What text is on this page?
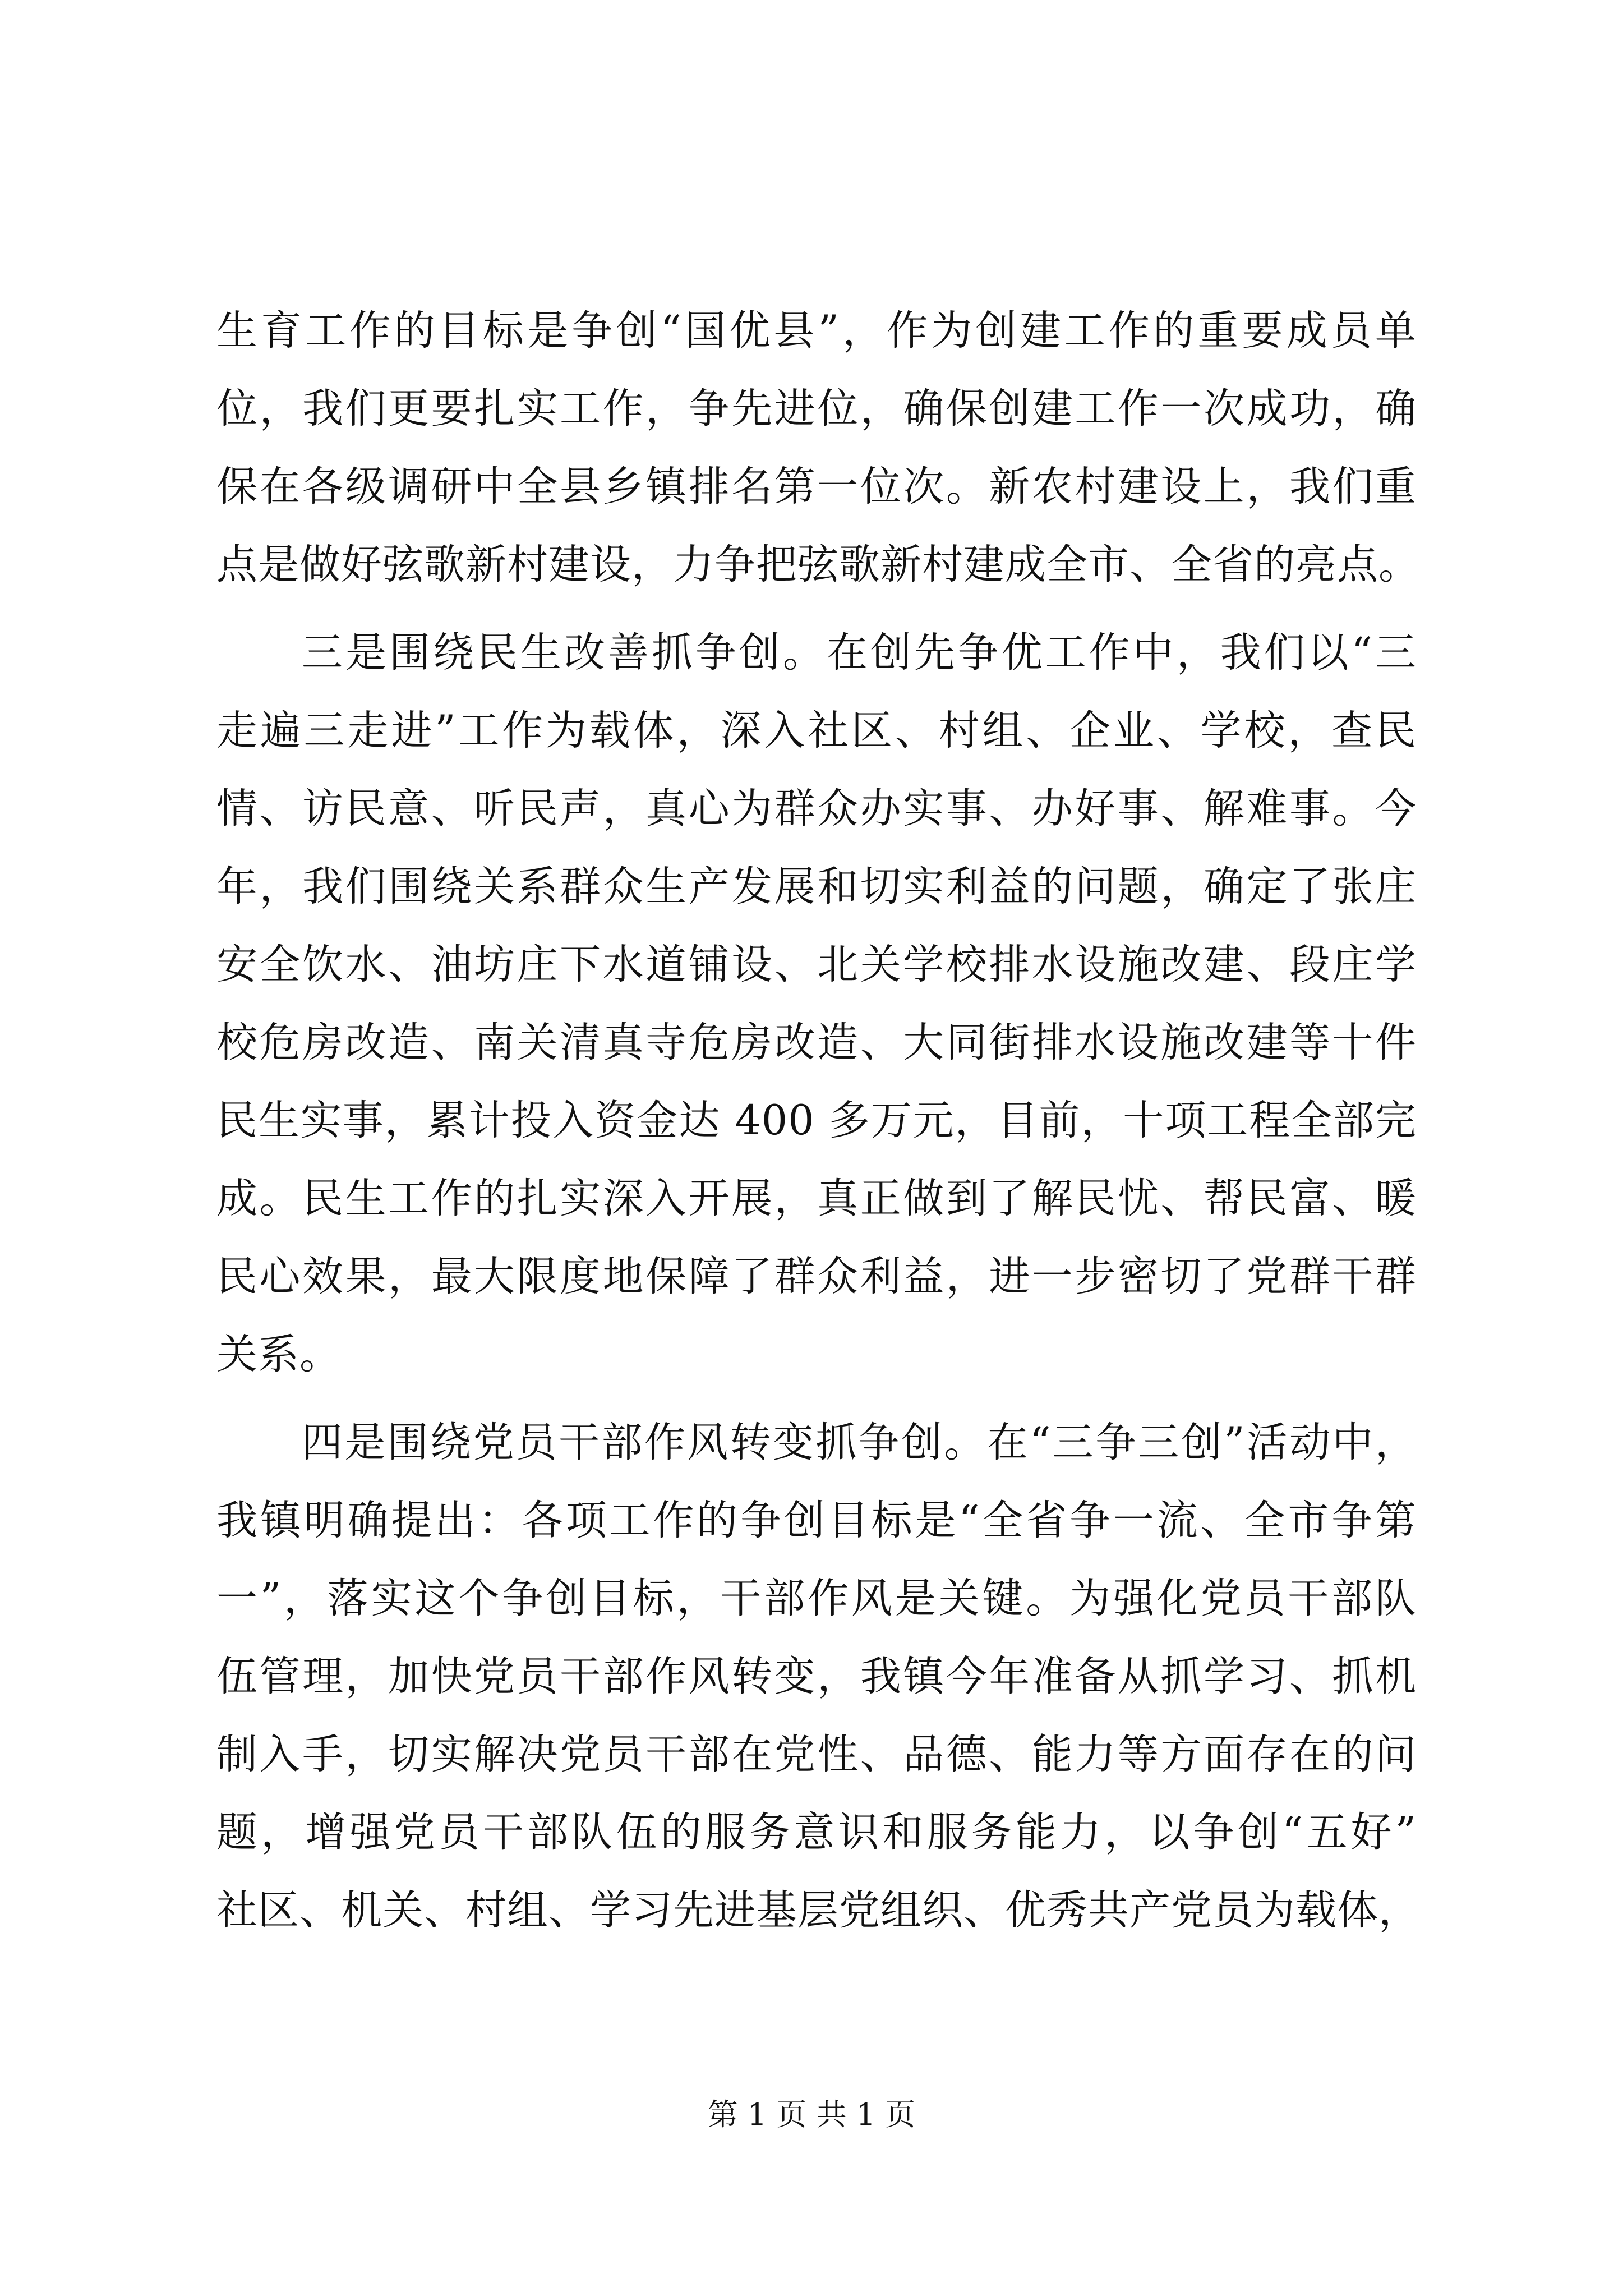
生育工作的目标是争创“国优县”，作为创建工作的重要成员单
位，我们更要扎实工作，争先进位，确保创建工作一次成功，确
保在各级调研中全县乡镇排名第一位次。新农村建设上，我们重
点是做好弦歌新村建设，力争把弦歌新村建成全市、全省的亮点。
三是围绕民生改善抓争创。在创先争优工作中，我们以“三
走遍三走进”工作为载体，深入社区、村组、企业、学校，查民
情、访民意、听民声，真心为群众办实事、办好事、解难事。今
年，我们围绕关系群众生产发展和切实利益的问题，确定了张庄
安全饮水、油坊庄下水道铺设、北关学校排水设施改建、段庄学
校危房改造、南关清真寺危房改造、大同街排水设施改建等十件
民生实事，累计投入资金达 400 多万元，目前，十项工程全部完
成。民生工作的扎实深入开展，真正做到了解民忧、帮民富、暖
民心效果，最大限度地保障了群众利益，进一步密切了党群干群
关系。
四是围绕党员干部作风转变抓争创。在“三争三创”活动中，
我镇明确提出：各项工作的争创目标是“全省争一流、全市争第
一”，落实这个争创目标，干部作风是关键。为强化党员干部队
伍管理，加快党员干部作风转变，我镇今年准备从抓学习、抓机
制入手，切实解决党员干部在党性、品德、能力等方面存在的问
题，增强党员干部队伍的服务意识和服务能力，以争创“五好”
社区、机关、村组、学习先进基层党组织、优秀共产党员为载体，
第 1 页 共 1 页
